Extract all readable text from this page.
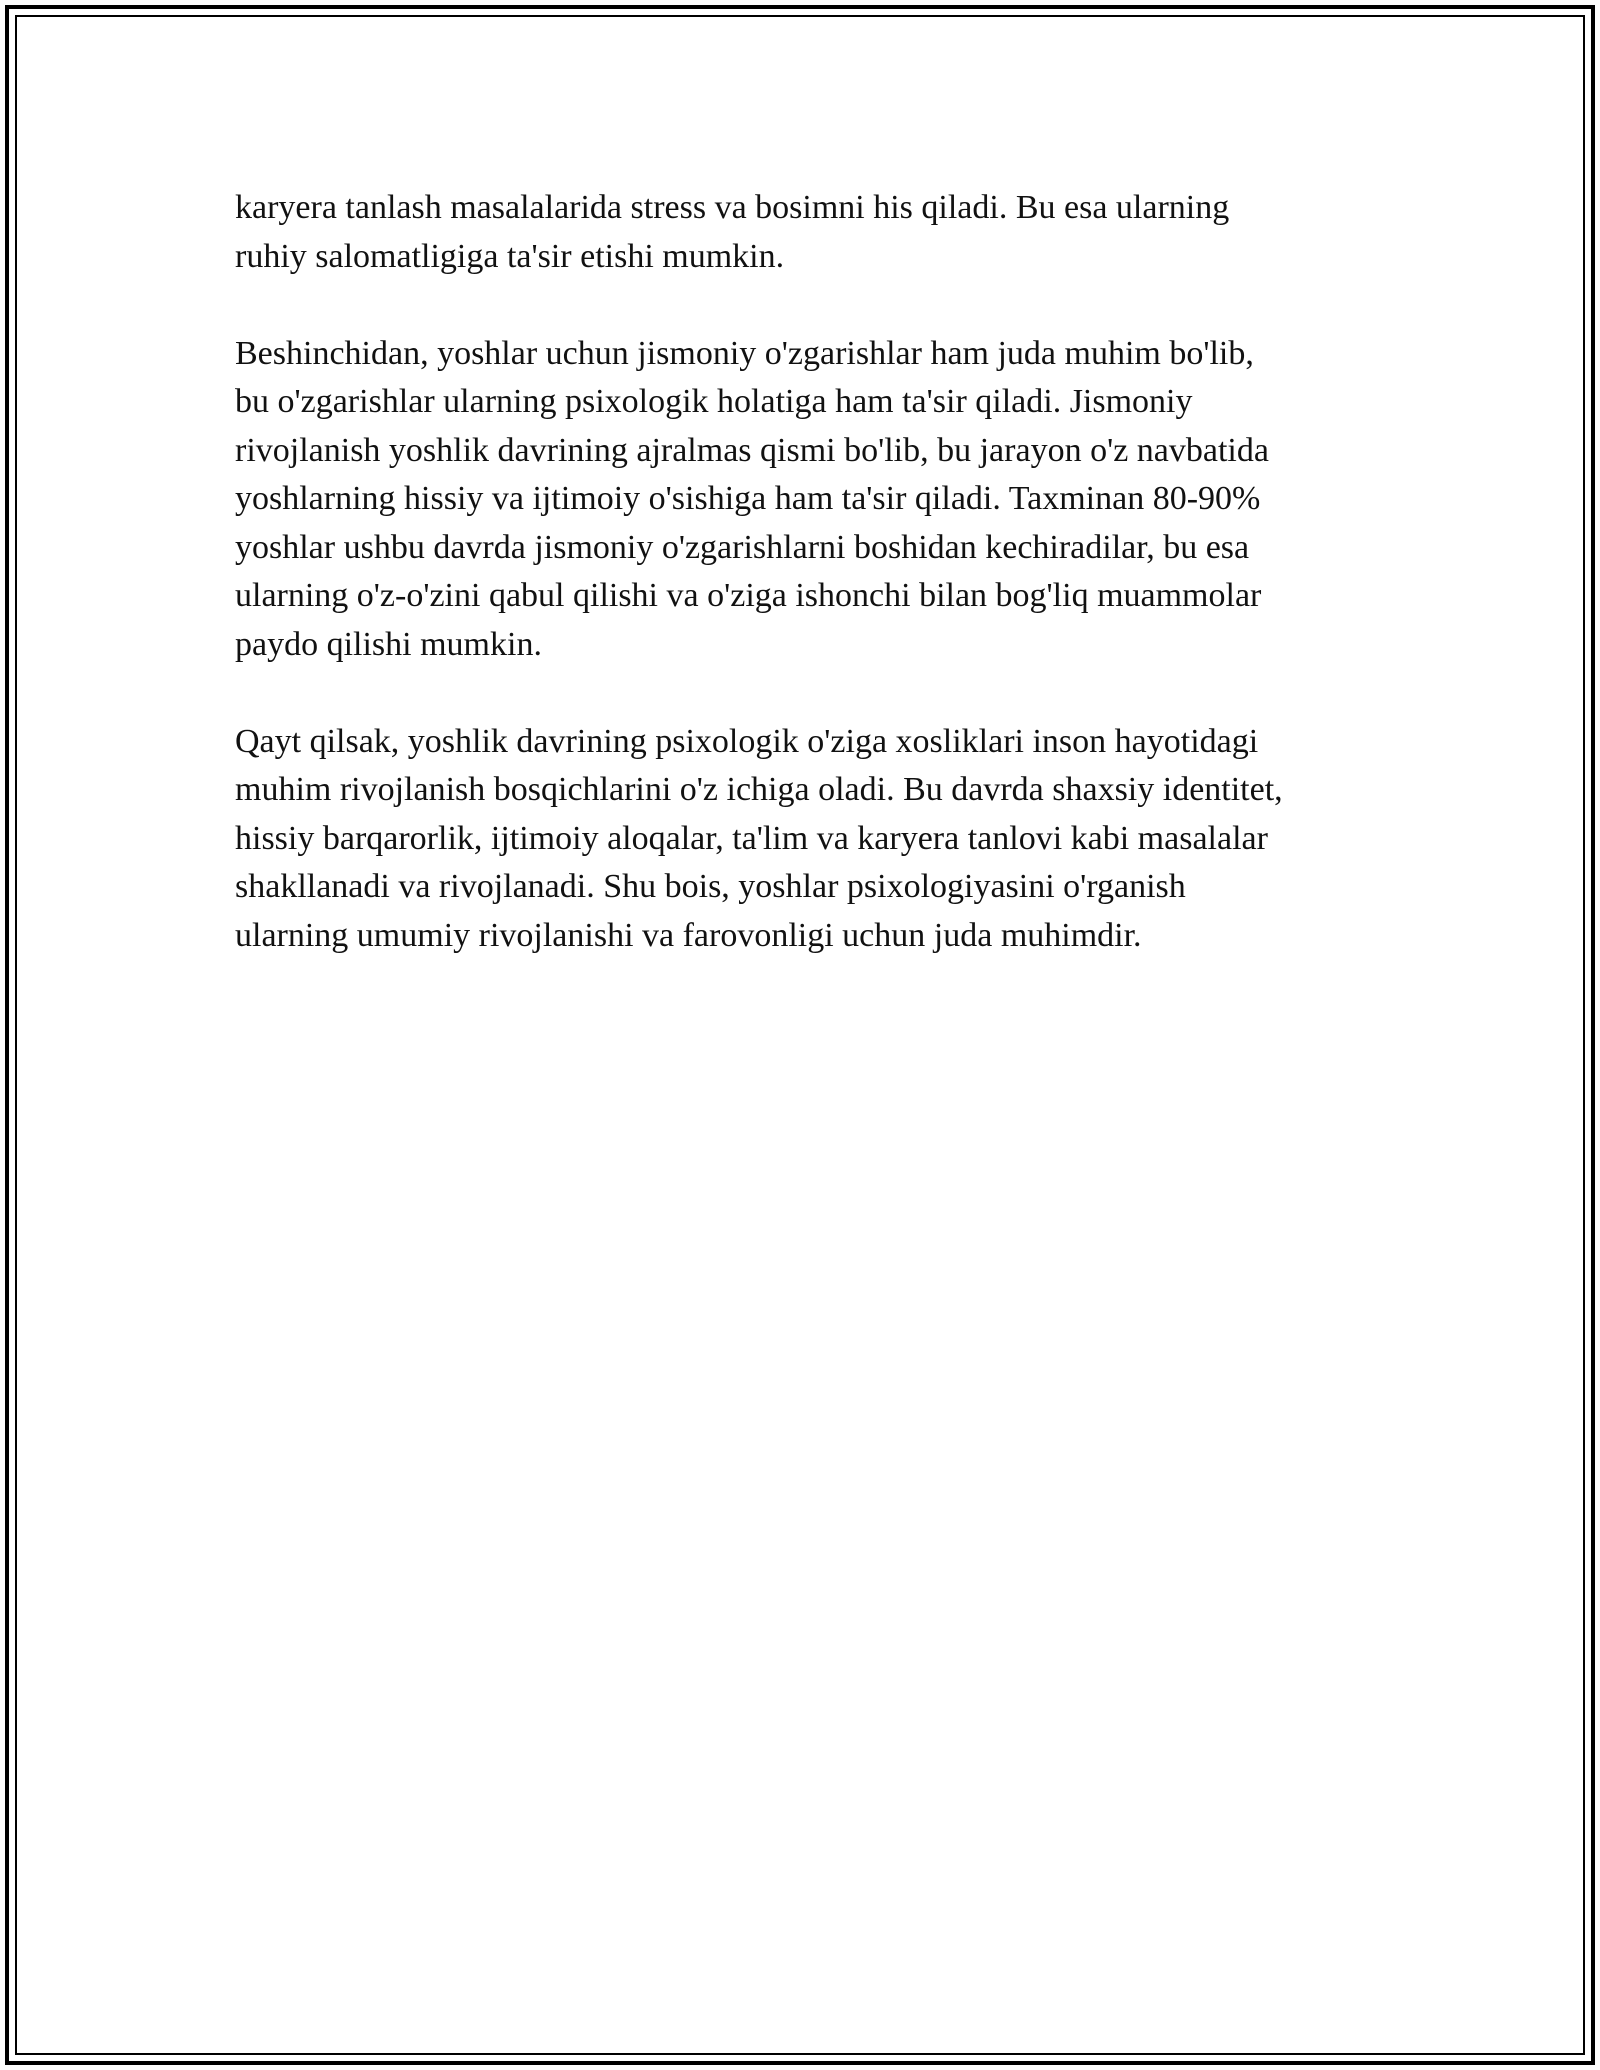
karyera tanlash masalalarida stress va bosimni his qiladi. Bu esa ularning
ruhiy salomatligiga ta'sir etishi mumkin.

Beshinchidan, yoshlar uchun jismoniy o'zgarishlar ham juda muhim bo'lib,
bu o'zgarishlar ularning psixologik holatiga ham ta'sir qiladi. Jismoniy
rivojlanish yoshlik davrining ajralmas qismi bo'lib, bu jarayon o'z navbatida
yoshlarning hissiy va ijtimoiy o'sishiga ham ta'sir qiladi. Taxminan 80-90%
yoshlar ushbu davrda jismoniy o'zgarishlarni boshidan kechiradilar, bu esa
ularning o'z-o'zini qabul qilishi va o'ziga ishonchi bilan bog'liq muammolar
paydo qilishi mumkin.

Qayt qilsak, yoshlik davrining psixologik o'ziga xosliklari inson hayotidagi
muhim rivojlanish bosqichlarini o'z ichiga oladi. Bu davrda shaxsiy identitet,
hissiy barqarorlik, ijtimoiy aloqalar, ta'lim va karyera tanlovi kabi masalalar
shakllanadi va rivojlanadi. Shu bois, yoshlar psixologiyasini o'rganish
ularning umumiy rivojlanishi va farovonligi uchun juda muhimdir.
